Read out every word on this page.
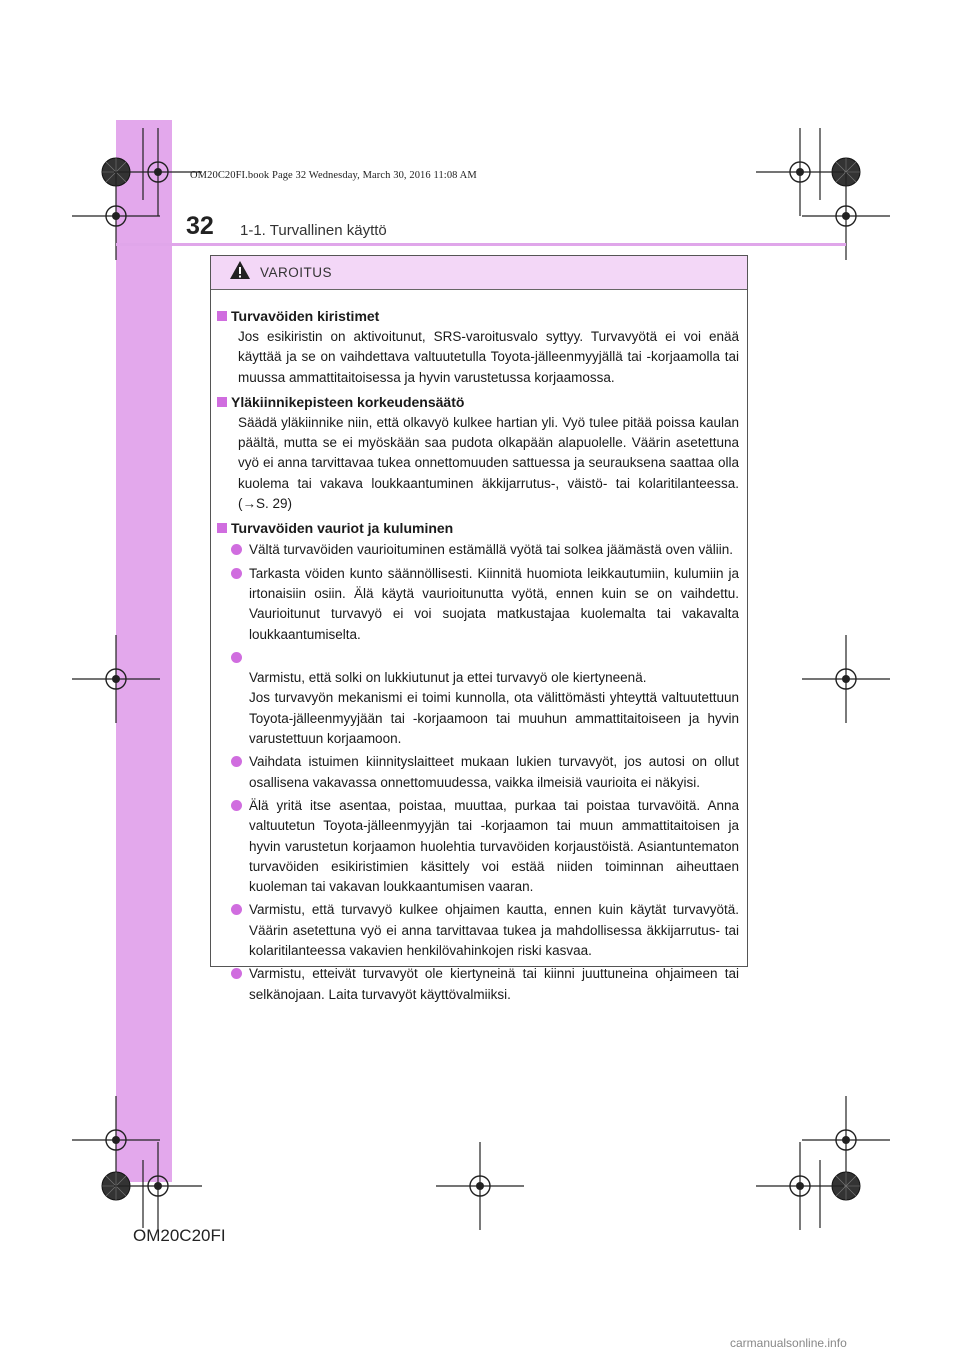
OM20C20FI.book Page 32 Wednesday, March 30, 2016 11:08 AM
32 1-1. Turvallinen käyttö
VAROITUS
Turvavöiden kiristimet
Jos esikiristin on aktivoitunut, SRS-varoitusvalo syttyy. Turvavyötä ei voi enää käyttää ja se on vaihdettava valtuutetulla Toyota-jälleenmyyjällä tai -korjaamolla tai muussa ammattitaitoisessa ja hyvin varustetussa korjaamossa.
Yläkiinnikepisteen korkeudensäätö
Säädä yläkiinnike niin, että olkavyö kulkee hartian yli. Vyö tulee pitää poissa kaulan päältä, mutta se ei myöskään saa pudota olkapään alapuolelle. Väärin asetettuna vyö ei anna tarvittavaa tukea onnettomuuden sattuessa ja seurauksena saattaa olla kuolema tai vakava loukkaantuminen äkkijarrutus-, väistö- tai kolaritilanteessa. (→S. 29)
Turvavöiden vauriot ja kuluminen
Vältä turvavöiden vaurioituminen estämällä vyötä tai solkea jäämästä oven väliin.
Tarkasta vöiden kunto säännöllisesti. Kiinnitä huomiota leikkautumiin, kulumiin ja irtonaisiin osiin. Älä käytä vaurioitunutta vyötä, ennen kuin se on vaihdettu. Vaurioitunut turvavyö ei voi suojata matkustajaa kuolemalta tai vakavalta loukkaantumiselta.

Varmistu, että solki on lukkiutunut ja ettei turvavyö ole kiertyneenä.
Jos turvavyön mekanismi ei toimi kunnolla, ota välittömästi yhteyttä valtuutettuun Toyota-jälleenmyyjään tai -korjaamoon tai muuhun ammattitaitoiseen ja hyvin varustettuun korjaamoon.

Vaihdata istuimen kiinnityslaitteet mukaan lukien turvavyöt, jos autosi on ollut osallisena vakavassa onnettomuudessa, vaikka ilmeisiä vaurioita ei näkyisi.
Älä yritä itse asentaa, poistaa, muuttaa, purkaa tai poistaa turvavöitä. Anna valtuutetun Toyota-jälleenmyyjän tai -korjaamon tai muun ammattitaitoisen ja hyvin varustetun korjaamon huolehtia turvavöiden korjaustöistä. Asiantuntematon turvavöiden esikiristimien käsittely voi estää niiden toiminnan aiheuttaen kuoleman tai vakavan loukkaantumisen vaaran.
Varmistu, että turvavyö kulkee ohjaimen kautta, ennen kuin käytät turvavyötä. Väärin asetettuna vyö ei anna tarvittavaa tukea ja mahdollisessa äkkijarrutus- tai kolaritilanteessa vakavien henkilövahinkojen riski kasvaa.
Varmistu, etteivät turvavyöt ole kiertyneinä tai kiinni juuttuneina ohjaimeen tai selkänojaan. Laita turvavyöt käyttövalmiiksi.
OM20C20FI
carmanualsonline.info
